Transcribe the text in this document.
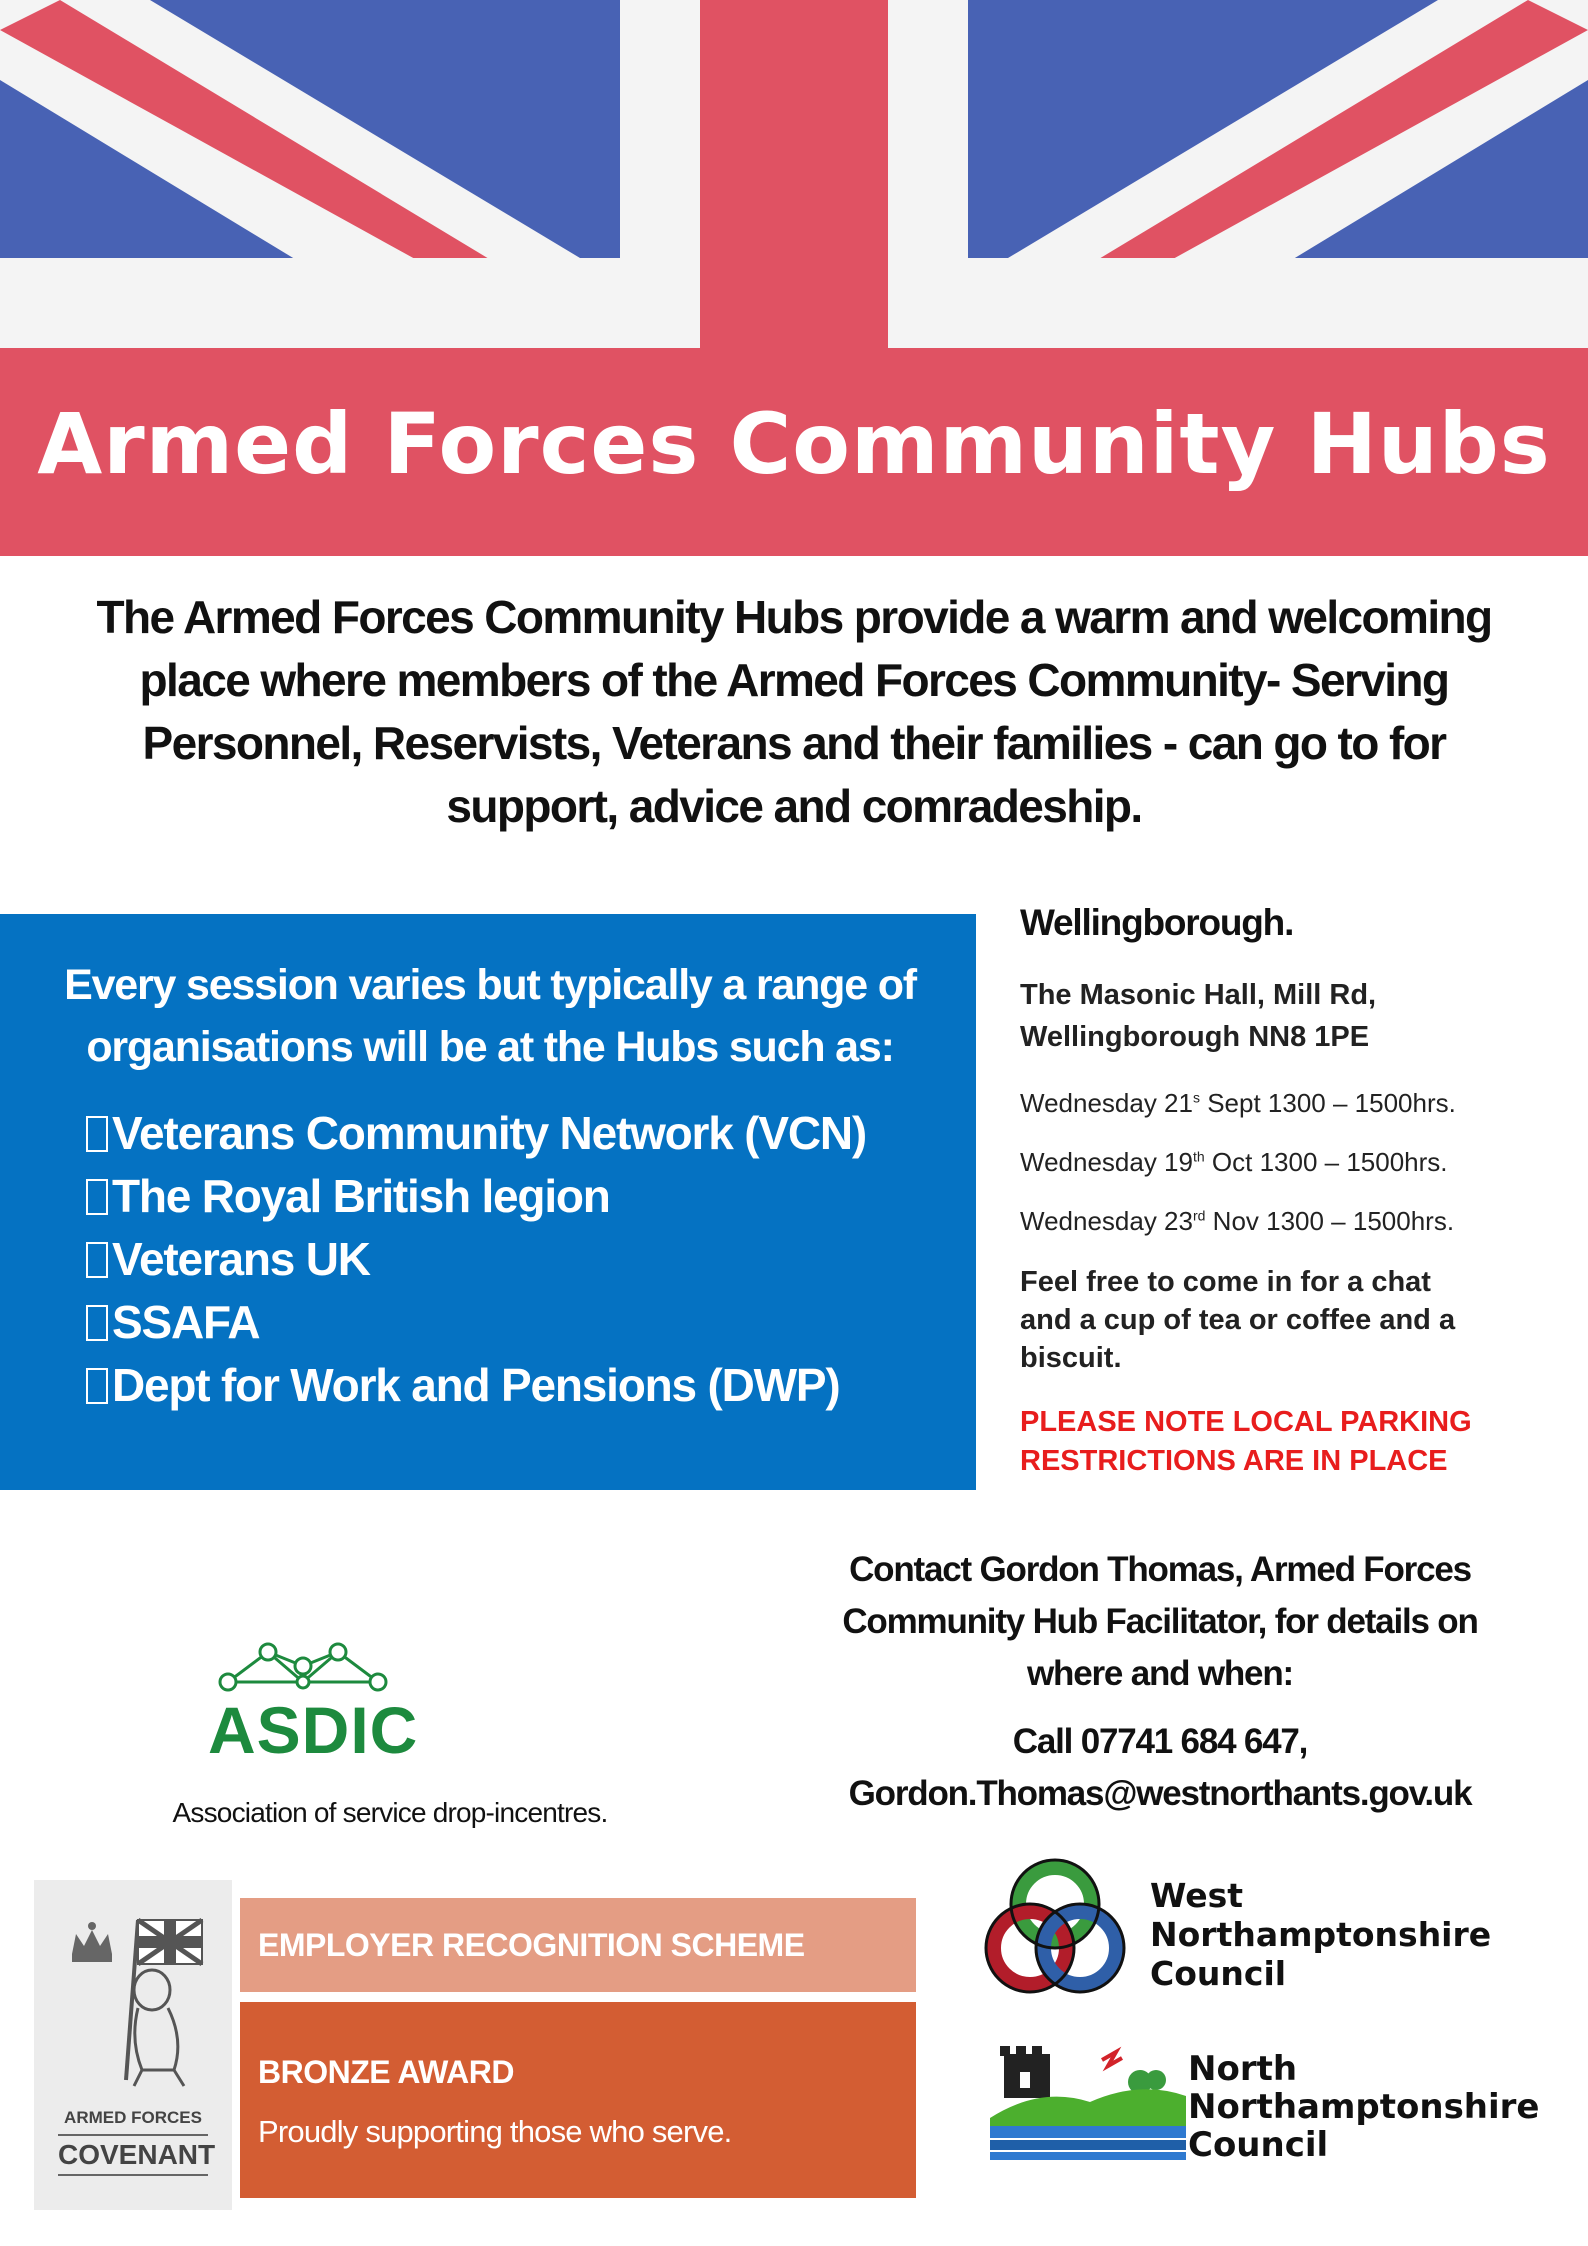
Armed Forces Community Hubs
The Armed Forces Community Hubs provide a warm and welcoming
place where members of the Armed Forces Community- Serving
Personnel, Reservists, Veterans and their families - can go to for
support, advice and comradeship.
Every session varies but typically a range of
organisations will be at the Hubs such as:
Veterans Community Network (VCN)
The Royal British legion
Veterans UK
SSAFA
Dept for Work and Pensions (DWP)
Wellingborough.
The Masonic Hall, Mill Rd,
Wellingborough NN8 1PE
Wednesday 21$^s$ Sept 1300 – 1500hrs.
Wednesday 19th Oct 1300 – 1500hrs.
Wednesday 23rd Nov 1300 – 1500hrs.
Feel free to come in for a chat
and a cup of tea or coffee and a
biscuit.
PLEASE NOTE LOCAL PARKING
RESTRICTIONS ARE IN PLACE
Contact Gordon Thomas, Armed Forces
Community Hub Facilitator, for details on
where and when:
Call 07741 684 647,
Gordon.Thomas@westnorthants.gov.uk
ASDIC
Association of service drop-incentres.
ARMED FORCES
COVENANT
EMPLOYER RECOGNITION SCHEME
BRONZE AWARD
Proudly supporting those who serve.
West
Northamptonshire
Council
North
Northamptonshire
Council
